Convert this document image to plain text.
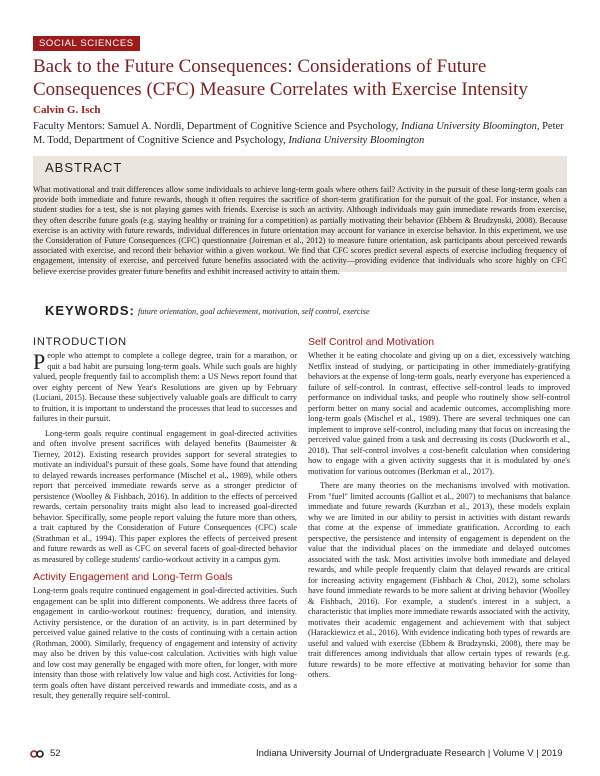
SOCIAL SCIENCES
Back to the Future Consequences: Considerations of Future Consequences (CFC) Measure Correlates with Exercise Intensity
Calvin G. Isch
Faculty Mentors: Samuel A. Nordli, Department of Cognitive Science and Psychology, Indiana University Bloomington, Peter M. Todd, Department of Cognitive Science and Psychology, Indiana University Bloomington
ABSTRACT
What motivational and trait differences allow some individuals to achieve long-term goals where others fail? Activity in the pursuit of these long-term goals can provide both immediate and future rewards, though it often requires the sacrifice of short-term gratification for the pursuit of the goal. For instance, when a student studies for a test, she is not playing games with friends. Exercise is such an activity. Although individuals may gain immediate rewards from exercise, they often describe future goals (e.g. staying healthy or training for a competition) as partially motivating their behavior (Ebbem & Brudzynski, 2008). Because exercise is an activity with future rewards, individual differences in future orientation may account for variance in exercise behavior. In this experiment, we use the Consideration of Future Consequences (CFC) questionnaire (Joireman et al., 2012) to measure future orientation, ask participants about perceived rewards associated with exercise, and record their behavior within a given workout. We find that CFC scores predict several aspects of exercise including frequency of engagement, intensity of exercise, and perceived future benefits associated with the activity—providing evidence that individuals who score highly on CFC believe exercise provides greater future benefits and exhibit increased activity to attain them.
KEYWORDS: future orientation, goal achievement, motivation, self control, exercise
INTRODUCTION

People who attempt to complete a college degree, train for a marathon, or quit a bad habit are pursuing long-term goals. While such goals are highly valued, people frequently fail to accomplish them: a US News report found that over eighty percent of New Year's Resolutions are given up by February (Luciani, 2015). Because these subjectively valuable goals are difficult to carry to fruition, it is important to understand the processes that lead to successes and failures in their pursuit.

Long-term goals require continual engagement in goal-directed activities and often involve present sacrifices with delayed benefits (Baumeister & Tierney, 2012). Existing research provides support for several strategies to motivate an individual's pursuit of these goals. Some have found that attending to delayed rewards increases performance (Mischel et al., 1989), while others report that perceived immediate rewards serve as a stronger predictor of persistence (Woolley & Fishbach, 2016). In addition to the effects of perceived rewards, certain personality traits might also lead to increased goal-directed behavior. Specifically, some people report valuing the future more than others, a trait captured by the Consideration of Future Consequences (CFC) scale (Strathman et al., 1994). This paper explores the effects of perceived present and future rewards as well as CFC on several facets of goal-directed behavior as measured by college students' cardio-workout activity in a campus gym.

Activity Engagement and Long-Term Goals

Long-term goals require continued engagement in goal-directed activities. Such engagement can be split into different components. We address three facets of engagement in cardio-workout routines: frequency, duration, and intensity. Activity persistence, or the duration of an activity, is in part determined by perceived value gained relative to the costs of continuing with a certain action (Rothman, 2000). Similarly, frequency of engagement and intensity of activity may also be driven by this value-cost calculation. Activities with high value and low cost may generally be engaged with more often, for longer, with more intensity than those with relatively low value and high cost. Activities for long-term goals often have distant perceived rewards and immediate costs, and as a result, they generally require self-control.

Self Control and Motivation

Whether it be eating chocolate and giving up on a diet, excessively watching Netflix instead of studying, or participating in other immediately-gratifying behaviors at the expense of long-term goals, nearly everyone has experienced a failure of self-control. In contrast, effective self-control leads to improved performance on individual tasks, and people who routinely show self-control perform better on many social and academic outcomes, accomplishing more long-term goals (Mischel et al., 1989). There are several techniques one can implement to improve self-control, including many that focus on increasing the perceived value gained from a task and decreasing its costs (Duckworth et al., 2018). That self-control involves a cost-benefit calculation when considering how to engage with a given activity suggests that it is modulated by one's motivation for various outcomes (Berkman et al., 2017).

There are many theories on the mechanisms involved with motivation. From "fuel" limited accounts (Galliot et al., 2007) to mechanisms that balance immediate and future rewards (Kurzban et al., 2013), these models explain why we are limited in our ability to persist in activities with distant rewards that come at the expense of immediate gratification. According to each perspective, the persistence and intensity of engagement is dependent on the value that the individual places on the immediate and delayed outcomes associated with the task. Most activities involve both immediate and delayed rewards, and while people frequently claim that delayed rewards are critical for increasing activity engagement (Fishbach & Choi, 2012), some scholars have found immediate rewards to be more salient at driving behavior (Woolley & Fishbach, 2016). For example, a student's interest in a subject, a characteristic that implies more immediate rewards associated with the activity, motivates their academic engagement and achievement with that subject (Harackiewicz et al., 2016). With evidence indicating both types of rewards are useful and valued with exercise (Ebbem & Brudzynski, 2008), there may be trait differences among individuals that allow certain types of rewards (e.g. future rewards) to be more effective at motivating behavior for some than others.

52	Indiana University Journal of Undergraduate Research | Volume V | 2019
